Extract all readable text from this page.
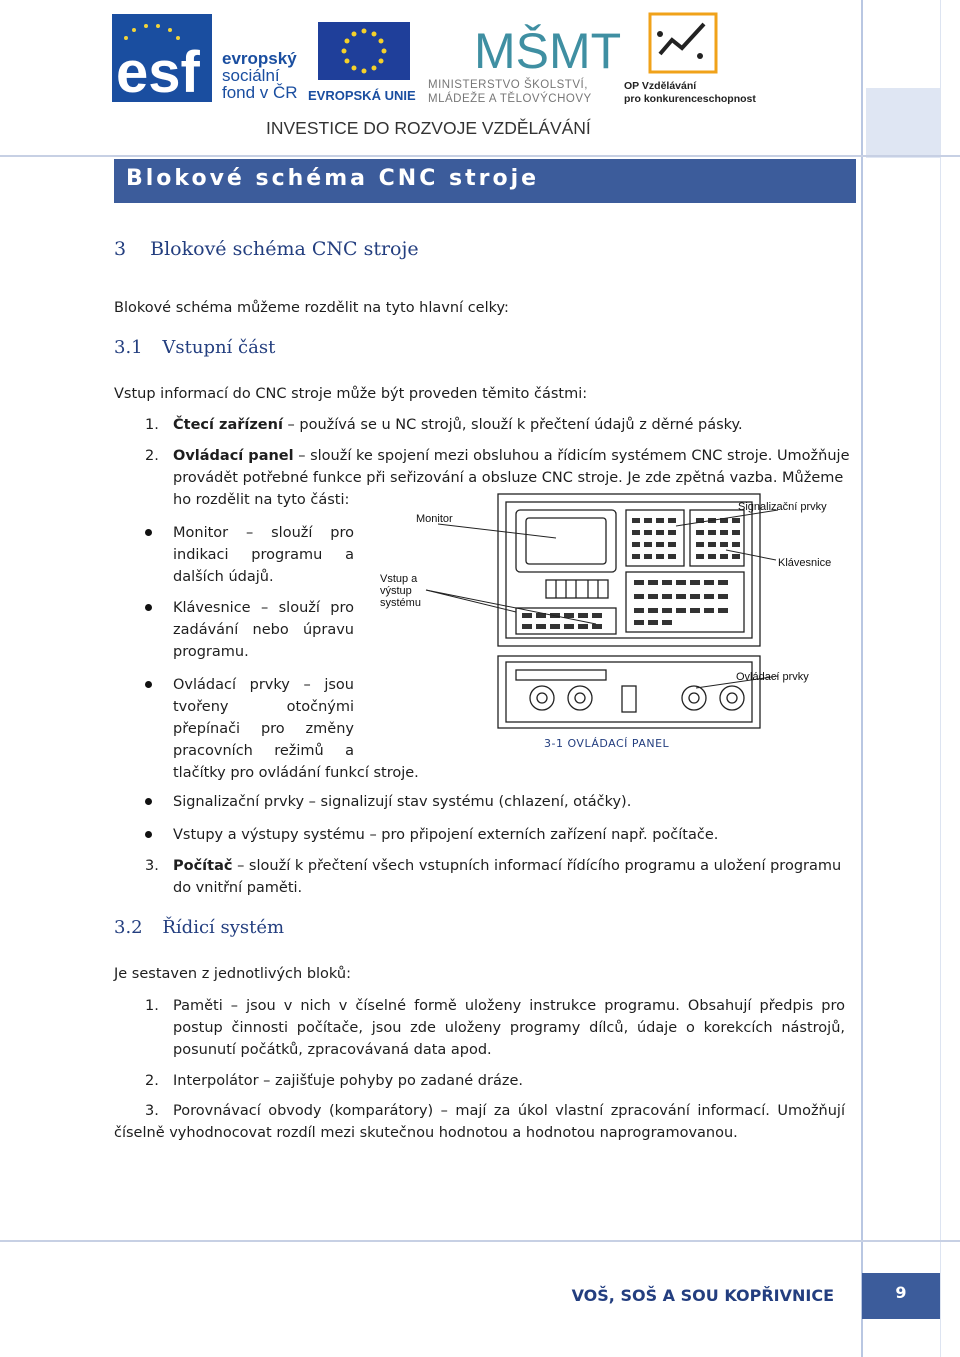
esf evropský
sociální
fond v ČR EVROPSKÁ UNIE
MŠMT
MINISTERSTVO ŠKOLSTVÍ,
MLÁDEŽE A TĚLOVÝCHOVY
OP Vzdělávání
pro konkurenceschopnost
INVESTICE DO ROZVOJE VZDĚLÁVÁNÍ
Blokové schéma CNC stroje
3 Blokové schéma CNC stroje
Blokové schéma můžeme rozdělit na tyto hlavní celky:
3.1 Vstupní část
Vstup informací do CNC stroje může být proveden těmito částmi:
1. Čtecí zařízení – používá se u NC strojů, slouží k přečtení údajů z děrné pásky.
2. Ovládací panel – slouží ke spojení mezi obsluhou a řídicím systémem CNC stroje. Umožňuje
provádět potřebné funkce při seřizování a obsluze CNC stroje. Je zde zpětná vazba. Můžeme
ho rozdělit na tyto části:
Monitor – slouží pro
indikaci programu a
dalších údajů.
Klávesnice – slouží pro
zadávání nebo úpravu
programu.
Ovládací prvky – jsou
tvořeny otočnými
přepínači pro změny
pracovních režimů a
tlačítky pro ovládání funkcí stroje.
Monitor
Signalizační prvky
Klávesnice
Vstup a
výstup
systému
Ovládací prvky
3-1 OVLÁDACÍ PANEL
Signalizační prvky – signalizují stav systému (chlazení, otáčky).
Vstupy a výstupy systému – pro připojení externích zařízení např. počítače.
3. Počítač – slouží k přečtení všech vstupních informací řídícího programu a uložení programu
do vnitřní paměti.
3.2 Řídicí systém
Je sestaven z jednotlivých bloků:
1. Paměti – jsou v nich v číselné formě uloženy instrukce programu. Obsahují předpis pro
postup činnosti počítače, jsou zde uloženy programy dílců, údaje o korekcích nástrojů,
posunutí počátků, zpracovávaná data apod.
2. Interpolátor – zajišťuje pohyby po zadané dráze.
3. Porovnávací obvody (komparátory) – mají za úkol vlastní zpracování informací. Umožňují
číselně vyhodnocovat rozdíl mezi skutečnou hodnotou a hodnotou naprogramovanou.
VOŠ, SOŠ A SOU KOPŘIVNICE	9
